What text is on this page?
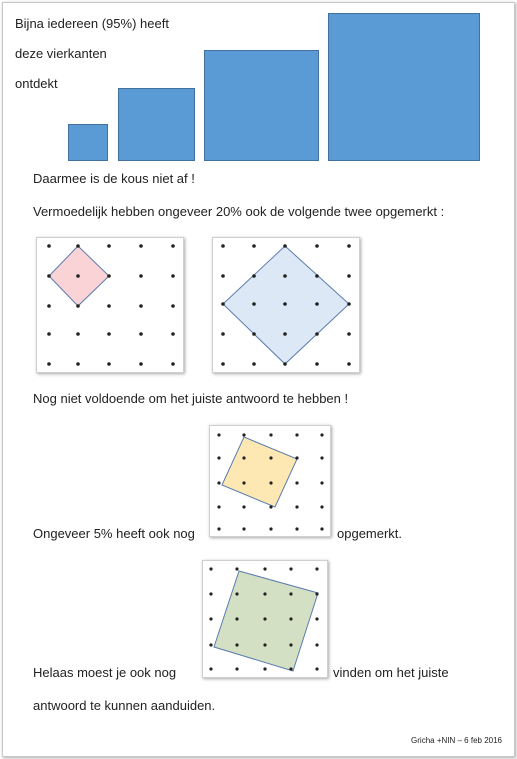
Bijna iedereen (95%) heeft
deze vierkanten
ontdekt
Daarmee is de kous niet af !
Vermoedelijk hebben ongeveer 20% ook de volgende twee opgemerkt :
Nog niet voldoende om het juiste antwoord te hebben !
Ongeveer 5% heeft ook nog	opgemerkt.
Helaas moest je ook nog	vinden om het juiste
antwoord te kunnen aanduiden.
Gricha +NIN – 6 feb 2016
